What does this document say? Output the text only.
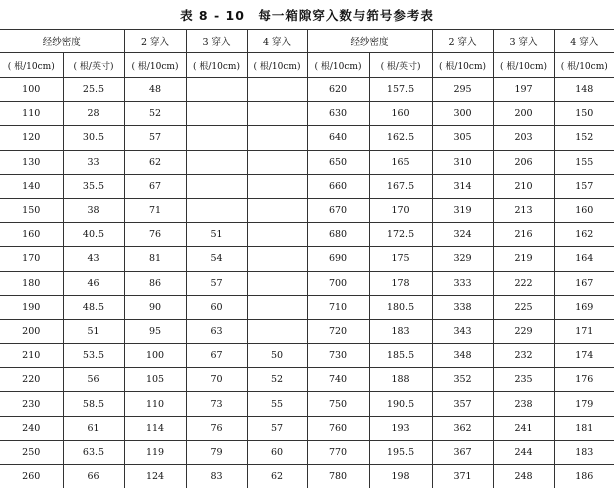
表 8 - 10　每一箱隙穿入数与筘号参考表
经纱密度		2 穿入	3 穿入	4 穿入	经纱密度		2 穿入	3 穿入	4 穿入
( 根/10cm)	( 根/英寸)	( 根/10cm)	( 根/10cm)	( 根/10cm)	( 根/10cm)	( 根/英寸)	( 根/10cm)	( 根/10cm)	( 根/10cm)
100	25.5	48			620	157.5	295	197	148
110	28	52			630	160	300	200	150
120	30.5	57			640	162.5	305	203	152
130	33	62			650	165	310	206	155
140	35.5	67			660	167.5	314	210	157
150	38	71			670	170	319	213	160
160	40.5	76	51		680	172.5	324	216	162
170	43	81	54		690	175	329	219	164
180	46	86	57		700	178	333	222	167
190	48.5	90	60		710	180.5	338	225	169
200	51	95	63		720	183	343	229	171
210	53.5	100	67	50	730	185.5	348	232	174
220	56	105	70	52	740	188	352	235	176
230	58.5	110	73	55	750	190.5	357	238	179
240	61	114	76	57	760	193	362	241	181
250	63.5	119	79	60	770	195.5	367	244	183
260	66	124	83	62	780	198	371	248	186
